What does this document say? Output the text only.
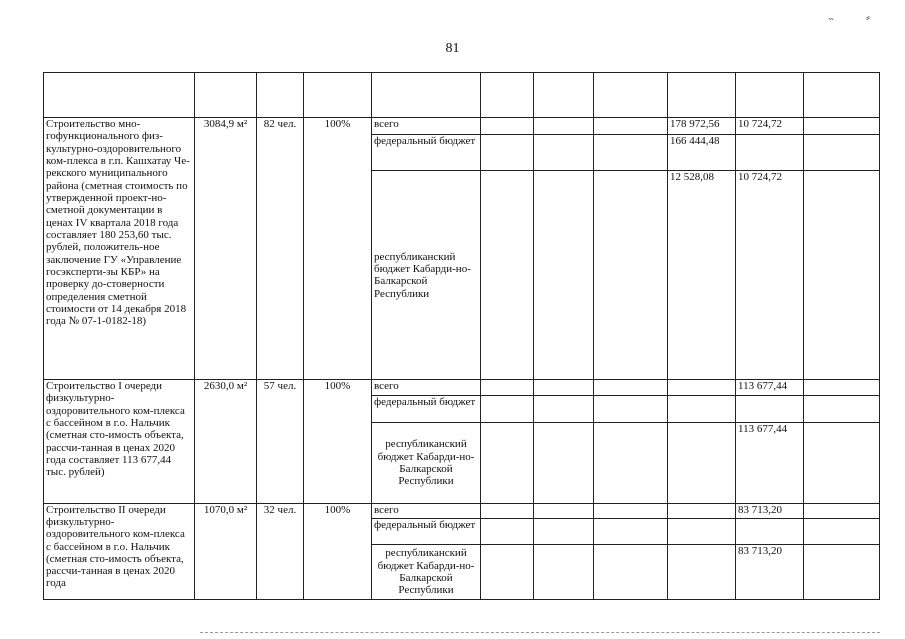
˵	⸗
81

Строительство мно-гофункционального физ-культурно-оздоровительного ком-плекса в г.п. Кашхатау Че-рекского муниципального района (сметная стоимость по утвержденной проект-но-сметной документации в ценах IV квартала 2018 года составляет 180 253,60 тыс. рублей, положитель-ное заключение ГУ «Управление госэксперти-зы КБР» на проверку до-стоверности определения сметной стоимости от 14 декабря 2018 года № 07-1-0182-18)	3084,9 м²	82 чел.	100%	всего				178 972,56	10 724,72	
				федеральный бюджет				166 444,48		
				республиканский бюджет Кабарди-но-Балкарской Республики				12 528,08	10 724,72	
Строительство I очереди физкультурно-оздоровительного ком-плекса с бассейном в г.о. Нальчик (сметная сто-имость объекта, рассчи-танная в ценах 2020 года составляет 113 677,44 тыс. рублей)	2630,0 м²	57 чел.	100%	всего					113 677,44	
				федеральный бюджет						
				республиканский бюджет Кабарди-но-Балкарской Республики					113 677,44	
Строительство II очереди физкультурно-оздоровительного ком-плекса с бассейном в г.о. Нальчик (сметная сто-имость объекта, рассчи-танная в ценах 2020 года	1070,0 м²	32 чел.	100%	всего					83 713,20	
				федеральный бюджет						
				республиканский бюджет Кабарди-но-Балкарской Республики					83 713,20	
